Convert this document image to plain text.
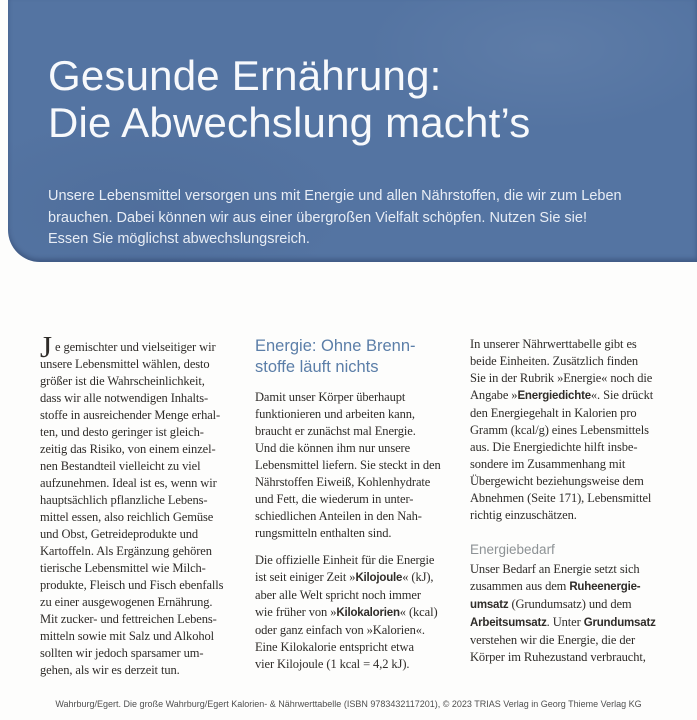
Gesunde Ernährung:
Die Abwechslung macht’s

Unsere Lebensmittel versorgen uns mit Energie und allen Nährstoffen, die wir zum Leben
brauchen. Dabei können wir aus einer übergroßen Vielfalt schöpfen. Nutzen Sie sie!
Essen Sie möglichst abwechslungsreich.

Je gemischter und vielseitiger wir
unsere Lebensmittel wählen, desto
größer ist die Wahrscheinlichkeit,
dass wir alle notwendigen Inhalts-
stoffe in ausreichender Menge erhal-
ten, und desto geringer ist gleich-
zeitig das Risiko, von einem einzel-
nen Bestandteil vielleicht zu viel
aufzunehmen. Ideal ist es, wenn wir
hauptsächlich pflanzliche Lebens-
mittel essen, also reichlich Gemüse
und Obst, Getreideprodukte und
Kartoffeln. Als Ergänzung gehören
tierische Lebensmittel wie Milch-
produkte, Fleisch und Fisch ebenfalls
zu einer ausgewogenen Ernährung.
Mit zucker- und fettreichen Lebens-
mitteln sowie mit Salz und Alkohol
sollten wir jedoch sparsamer um-
gehen, als wir es derzeit tun.
Energie: Ohne Brenn-
stoffe läuft nichts
Damit unser Körper überhaupt
funktionieren und arbeiten kann,
braucht er zunächst mal Energie.
Und die können ihm nur unsere
Lebensmittel liefern. Sie steckt in den
Nährstoffen Eiweiß, Kohlenhydrate
und Fett, die wiederum in unter-
schiedlichen Anteilen in den Nah-
rungsmitteln enthalten sind.
Die offizielle Einheit für die Energie
ist seit einiger Zeit »Kilojoule« (kJ),
aber alle Welt spricht noch immer
wie früher von »Kilokalorien« (kcal)
oder ganz einfach von »Kalorien«.
Eine Kilokalorie entspricht etwa
vier Kilojoule (1 kcal = 4,2 kJ).
In unserer Nährwerttabelle gibt es
beide Einheiten. Zusätzlich finden
Sie in der Rubrik »Energie« noch die
Angabe »Energiedichte«. Sie drückt
den Energiegehalt in Kalorien pro
Gramm (kcal/g) eines Lebensmittels
aus. Die Energiedichte hilft insbe-
sondere im Zusammenhang mit
Übergewicht beziehungsweise dem
Abnehmen (Seite 171), Lebensmittel
richtig einzuschätzen.
Energiebedarf
Unser Bedarf an Energie setzt sich
zusammen aus dem Ruheenergie-
umsatz (Grundumsatz) und dem
Arbeitsumsatz. Unter Grundumsatz
verstehen wir die Energie, die der
Körper im Ruhezustand verbraucht,
Wahrburg/Egert. Die große Wahrburg/Egert Kalorien- & Nährwerttabelle (ISBN 9783432117201), © 2023 TRIAS Verlag in Georg Thieme Verlag KG
